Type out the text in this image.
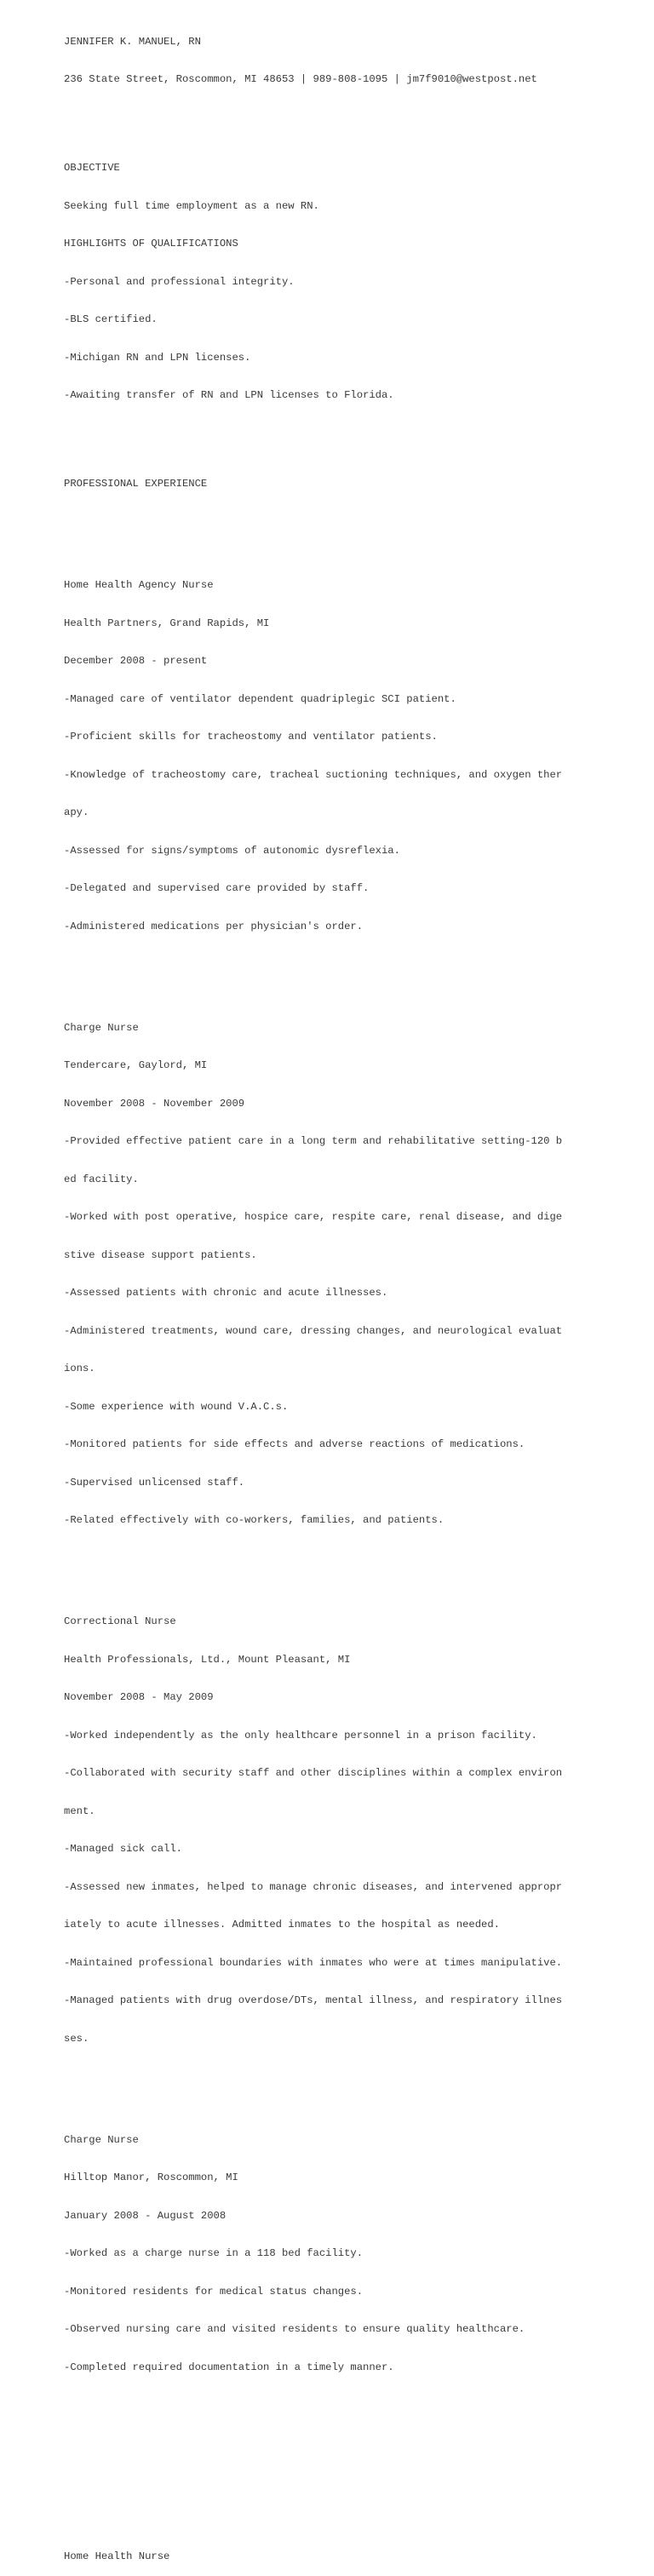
JENNIFER K. MANUEL, RN

236 State Street, Roscommon, MI 48653 | 989-808-1095 | jm7f9010@westpost.net

OBJECTIVE

Seeking full time employment as a new RN.

HIGHLIGHTS OF QUALIFICATIONS

-Personal and professional integrity.

-BLS certified.

-Michigan RN and LPN licenses.

-Awaiting transfer of RN and LPN licenses to Florida.

PROFESSIONAL EXPERIENCE

Home Health Agency Nurse

Health Partners, Grand Rapids, MI

December 2008 - present

-Managed care of ventilator dependent quadriplegic SCI patient.

-Proficient skills for tracheostomy and ventilator patients.

-Knowledge of tracheostomy care, tracheal suctioning techniques, and oxygen ther

apy.

-Assessed for signs/symptoms of autonomic dysreflexia.

-Delegated and supervised care provided by staff.

-Administered medications per physician's order.

Charge Nurse

Tendercare, Gaylord, MI

November 2008 - November 2009

-Provided effective patient care in a long term and rehabilitative setting-120 b

ed facility.

-Worked with post operative, hospice care, respite care, renal disease, and dige

stive disease support patients.

-Assessed patients with chronic and acute illnesses.

-Administered treatments, wound care, dressing changes, and neurological evaluat

ions.

-Some experience with wound V.A.C.s.

-Monitored patients for side effects and adverse reactions of medications.

-Supervised unlicensed staff.

-Related effectively with co-workers, families, and patients.

Correctional Nurse

Health Professionals, Ltd., Mount Pleasant, MI

November 2008 - May 2009

-Worked independently as the only healthcare personnel in a prison facility.

-Collaborated with security staff and other disciplines within a complex environ

ment.

-Managed sick call.

-Assessed new inmates, helped to manage chronic diseases, and intervened appropr

iately to acute illnesses. Admitted inmates to the hospital as needed.

-Maintained professional boundaries with inmates who were at times manipulative.

-Managed patients with drug overdose/DTs, mental illness, and respiratory illnes

ses.

Charge Nurse

Hilltop Manor, Roscommon, MI

January 2008 - August 2008

-Worked as a charge nurse in a 118 bed facility.

-Monitored residents for medical status changes.

-Observed nursing care and visited residents to ensure quality healthcare.

-Completed required documentation in a timely manner.

Home Health Nurse
